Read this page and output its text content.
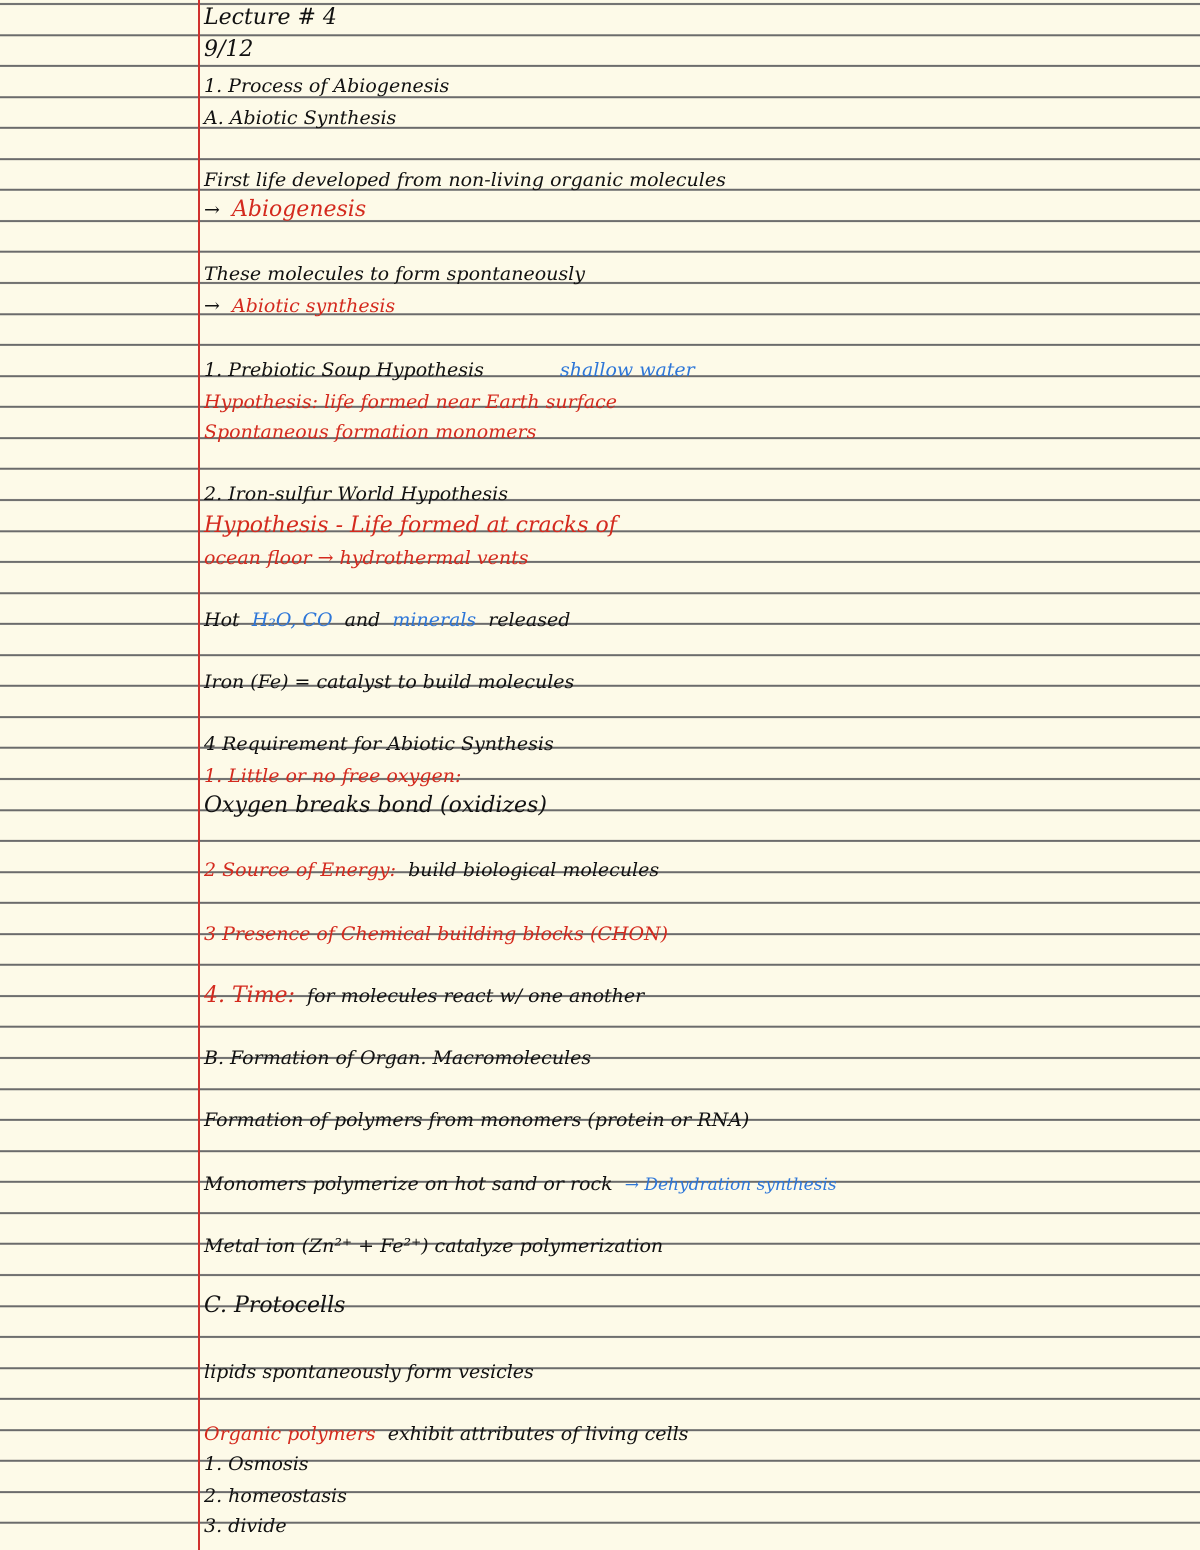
Lecture # 4
9/12
1. Process of Abiogenesis
A. Abiotic Synthesis
First life developed from non-living organic molecules
→ Abiogenesis
These molecules to form spontaneously
→ Abiotic synthesis
1. Prebiotic Soup Hypothesis	shallow water
Hypothesis: life formed near Earth surface
Spontaneous formation monomers
2. Iron-sulfur World Hypothesis
Hypothesis - Life formed at cracks of
ocean floor → hydrothermal vents
Hot H₂O, CO and minerals released
Iron (Fe) = catalyst to build molecules
4 Requirement for Abiotic Synthesis
1. Little or no free oxygen:
Oxygen breaks bond (oxidizes)
2 Source of Energy: build biological molecules
3 Presence of Chemical building blocks (CHON)
4. Time: for molecules react w/ one another
B. Formation of Organ. Macromolecules
Formation of polymers from monomers (protein or RNA)
Monomers polymerize on hot sand or rock → Dehydration synthesis
Metal ion (Zn²⁺ + Fe²⁺) catalyze polymerization
C. Protocells
lipids spontaneously form vesicles
Organic polymers exhibit attributes of living cells
1. Osmosis
2. homeostasis
3. divide
